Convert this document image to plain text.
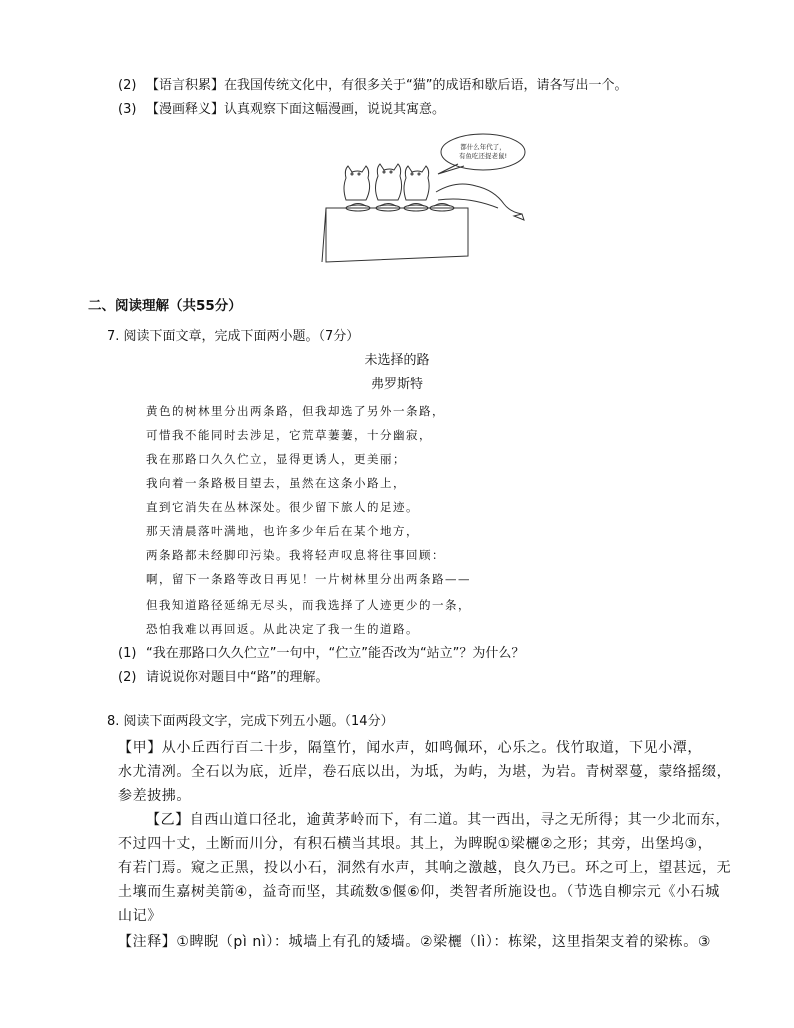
(2) 【语言积累】在我国传统文化中，有很多关于“猫”的成语和歇后语，请各写出一个。
(3) 【漫画释义】认真观察下面这幅漫画，说说其寓意。
都什么年代了，
有鱼吃还捉老鼠!
二、阅读理解（共55分）
7. 阅读下面文章，完成下面两小题。（7分）
未选择的路
弗罗斯特
黄色的树林里分出两条路，但我却选了另外一条路，
可惜我不能同时去涉足，它荒草萋萋，十分幽寂，
我在那路口久久伫立，显得更诱人，更美丽；
我向着一条路极目望去，虽然在这条小路上，
直到它消失在丛林深处。很少留下旅人的足迹。
那天清晨落叶满地，也许多少年后在某个地方，
两条路都未经脚印污染。我将轻声叹息将往事回顾：
啊，留下一条路等改日再见！一片树林里分出两条路——
但我知道路径延绵无尽头，而我选择了人迹更少的一条，
恐怕我难以再回返。从此决定了我一生的道路。
(1) “我在那路口久久伫立”一句中，“伫立”能否改为“站立”？为什么？
(2) 请说说你对题目中“路”的理解。
8. 阅读下面两段文字，完成下列五小题。（14分）
【甲】从小丘西行百二十步，隔篁竹，闻水声，如鸣佩环，心乐之。伐竹取道，下见小潭，
水尤清冽。全石以为底，近岸，卷石底以出，为坻，为屿，为堪，为岩。青树翠蔓，蒙络摇缀，
参差披拂。
【乙】自西山道口径北，逾黄茅岭而下，有二道。其一西出，寻之无所得；其一少北而东，
不过四十丈，土断而川分，有积石横当其垠。其上，为睥睨①梁欐②之形；其旁，出堡坞③，
有若门焉。窥之正黑，投以小石，洞然有水声，其响之激越，良久乃已。环之可上，望甚远，无
土壤而生嘉树美箭④，益奇而坚，其疏数⑤偃⑥仰，类智者所施设也。（节选自柳宗元《小石城
山记》
【注释】①睥睨（pì nì）：城墙上有孔的矮墙。②梁欐（lì）：栋梁，这里指架支着的梁栋。③
